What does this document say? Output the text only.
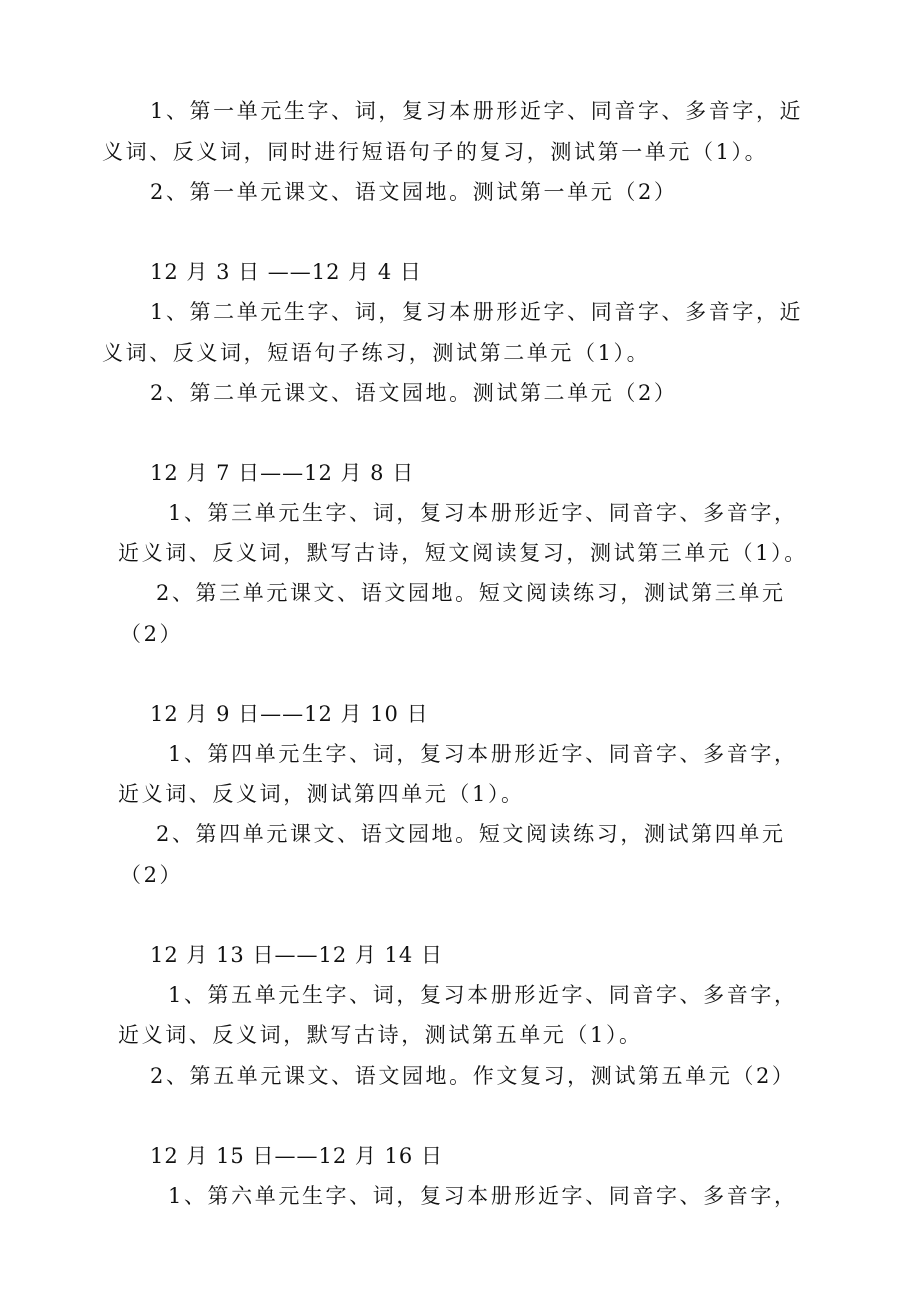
1、第一单元生字、词，复习本册形近字、同音字、多音字，近
义词、反义词，同时进行短语句子的复习，测试第一单元（1）。
2、第一单元课文、语文园地。测试第一单元（2）
12 月 3 日 ——12 月 4 日
1、第二单元生字、词，复习本册形近字、同音字、多音字，近
义词、反义词，短语句子练习，测试第二单元（1）。
2、第二单元课文、语文园地。测试第二单元（2）
12 月 7 日——12 月 8 日
1、第三单元生字、词，复习本册形近字、同音字、多音字，
近义词、反义词，默写古诗，短文阅读复习，测试第三单元（1）。
2、第三单元课文、语文园地。短文阅读练习，测试第三单元
（2）
12 月 9 日——12 月 10 日
1、第四单元生字、词，复习本册形近字、同音字、多音字，
近义词、反义词，测试第四单元（1）。
2、第四单元课文、语文园地。短文阅读练习，测试第四单元
（2）
12 月 13 日——12 月 14 日
1、第五单元生字、词，复习本册形近字、同音字、多音字，
近义词、反义词，默写古诗，测试第五单元（1）。
2、第五单元课文、语文园地。作文复习，测试第五单元（2）
12 月 15 日——12 月 16 日
1、第六单元生字、词，复习本册形近字、同音字、多音字，
